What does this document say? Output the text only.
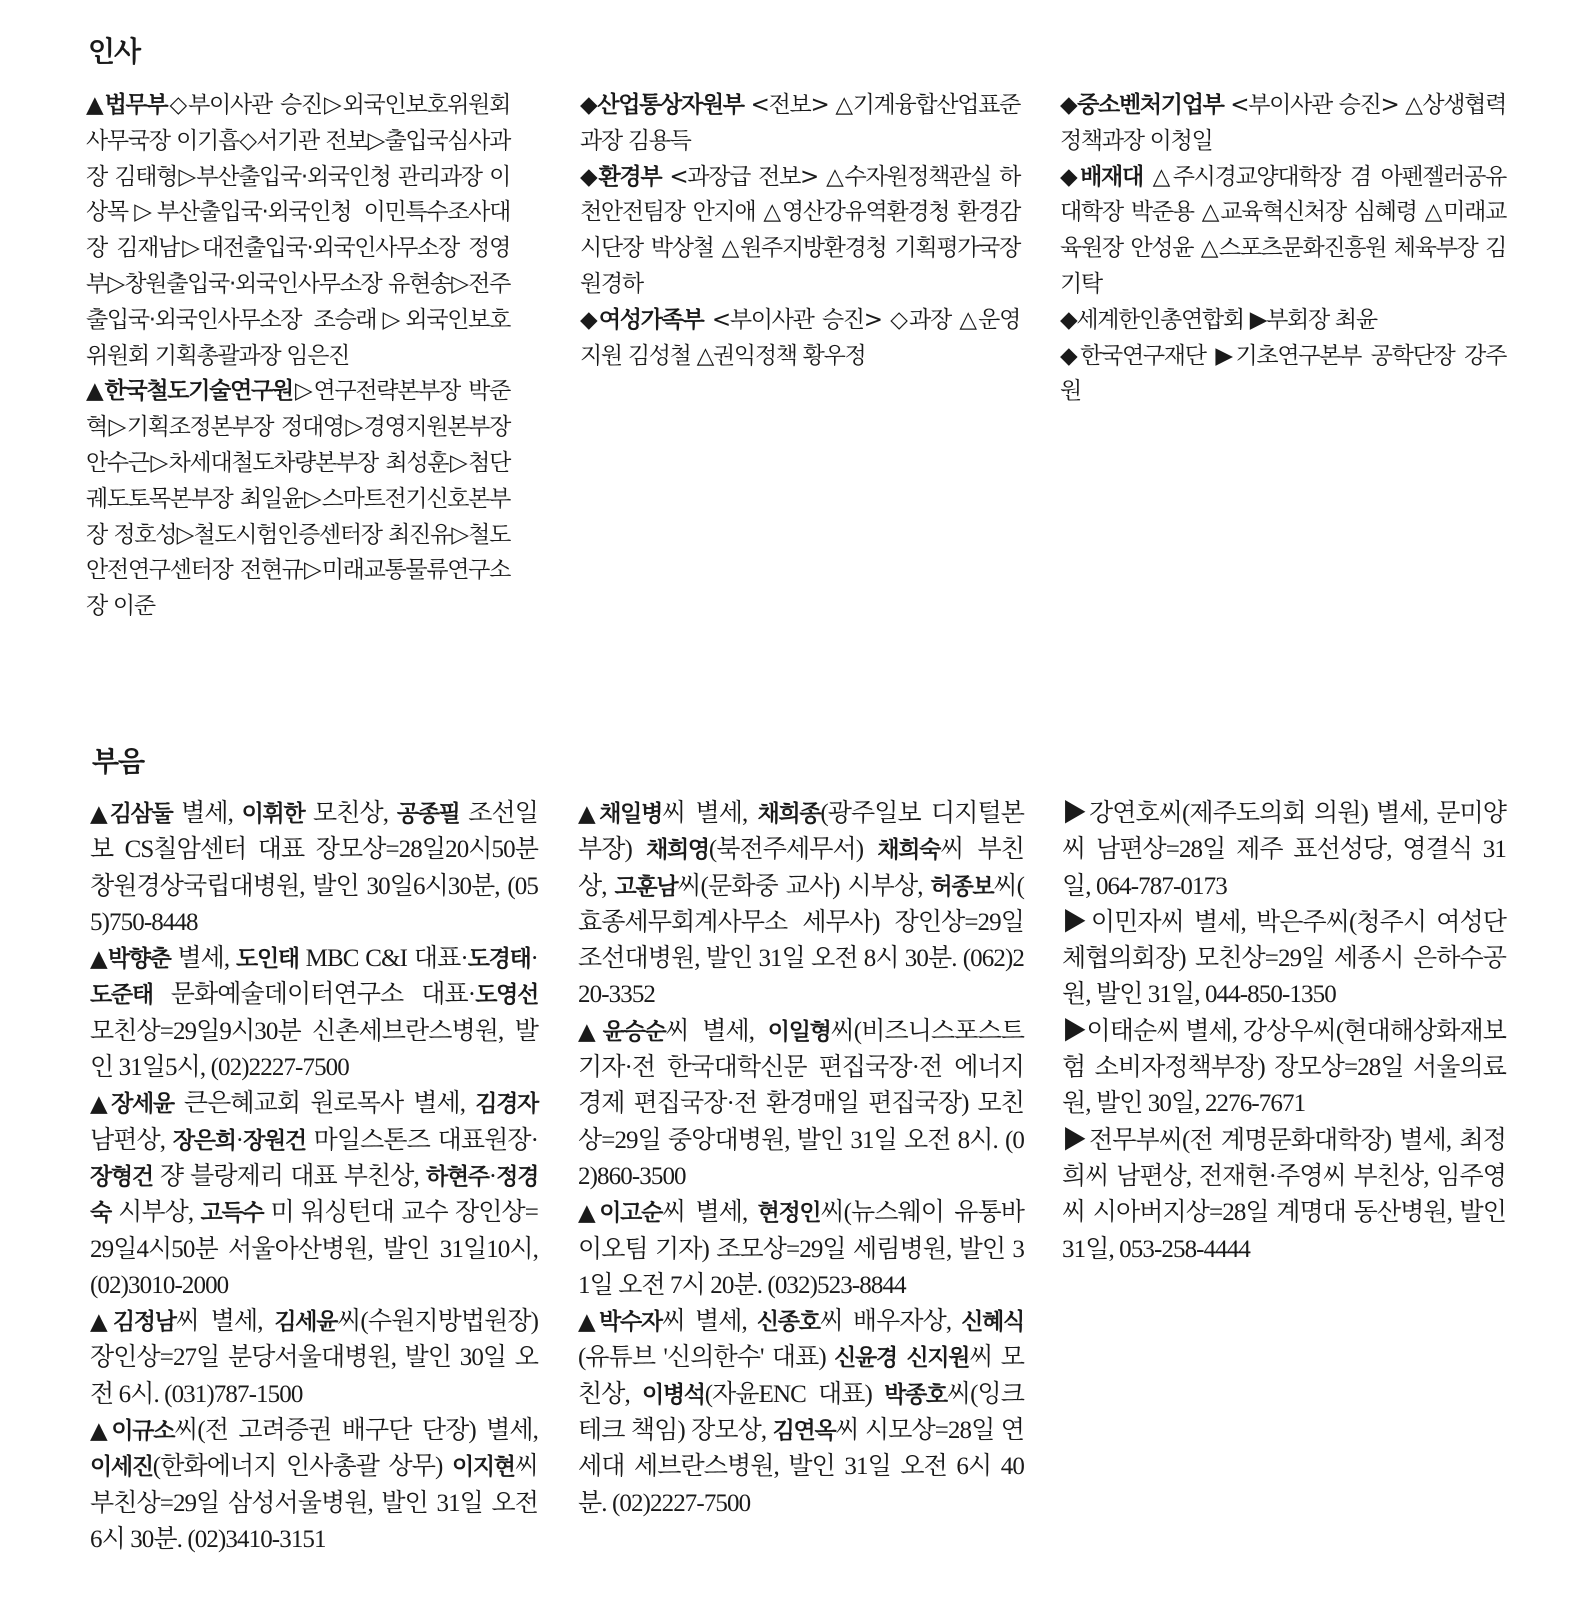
인사

▲법무부◇부이사관 승진▷외국인보호위원회 사무국장 이기흡◇서기관 전보▷출입국심사과장 김태형▷부산출입국·외국인청 관리과장 이상목▷부산출입국·외국인청 이민특수조사대장 김재남▷대전출입국·외국인사무소장 정영부▷창원출입국·외국인사무소장 유현송▷전주출입국·외국인사무소장 조승래▷외국인보호위원회 기획총괄과장 임은진

▲한국철도기술연구원▷연구전략본부장 박준혁▷기획조정본부장 정대영▷경영지원본부장 안수근▷차세대철도차량본부장 최성훈▷첨단궤도토목본부장 최일윤▷스마트전기신호본부장 정호성▷철도시험인증센터장 최진유▷철도안전연구센터장 전현규▷미래교통물류연구소장 이준

◆산업통상자원부 <전보> △기계융합산업표준과장 김용득

◆환경부 <과장급 전보> △수자원정책관실 하천안전팀장 안지애 △영산강유역환경청 환경감시단장 박상철 △원주지방환경청 기획평가국장 원경하

◆여성가족부 <부이사관 승진> ◇과장 △운영지원 김성철 △권익정책 황우정

◆중소벤처기업부 <부이사관 승진> △상생협력정책과장 이청일

◆배재대 △주시경교양대학장 겸 아펜젤러공유대학장 박준용 △교육혁신처장 심혜령 △미래교육원장 안성윤 △스포츠문화진흥원 체육부장 김기탁

◆세계한인총연합회 ▶부회장 최윤

◆한국연구재단 ▶기초연구본부 공학단장 강주원

부음

▲김삼둘 별세, 이휘한 모친상, 공종필 조선일보 CS칠암센터 대표 장모상=28일20시50분 창원경상국립대병원, 발인 30일6시30분, (055)750-8448

▲박향춘 별세, 도인태 MBC C&I 대표·도경태·도준태 문화예술데이터연구소 대표·도영선 모친상=29일9시30분 신촌세브란스병원, 발인 31일5시, (02)2227-7500

▲장세윤 큰은혜교회 원로목사 별세, 김경자 남편상, 장은희·장원건 마일스톤즈 대표원장·장형건 쟝 블랑제리 대표 부친상, 하현주·정경숙 시부상, 고득수 미 워싱턴대 교수 장인상=29일4시50분 서울아산병원, 발인 31일10시, (02)3010-2000

▲김정남씨 별세, 김세윤씨(수원지방법원장) 장인상=27일 분당서울대병원, 발인 30일 오전 6시. (031)787-1500

▲이규소씨(전 고려증권 배구단 단장) 별세, 이세진(한화에너지 인사총괄 상무) 이지현씨 부친상=29일 삼성서울병원, 발인 31일 오전 6시 30분. (02)3410-3151

▲채일병씨 별세, 채희종(광주일보 디지털본부장) 채희영(북전주세무서) 채희숙씨 부친상, 고훈남씨(문화중 교사) 시부상, 허종보씨( 효종세무회계사무소 세무사) 장인상=29일 조선대병원, 발인 31일 오전 8시 30분. (062)220-3352

▲윤승순씨 별세, 이일형씨(비즈니스포스트 기자·전 한국대학신문 편집국장·전 에너지경제 편집국장·전 환경매일 편집국장) 모친상=29일 중앙대병원, 발인 31일 오전 8시. (02)860-3500

▲이고순씨 별세, 현정인씨(뉴스웨이 유통바이오팀 기자) 조모상=29일 세림병원, 발인 31일 오전 7시 20분. (032)523-8844

▲박수자씨 별세, 신종호씨 배우자상, 신혜식(유튜브 '신의한수' 대표) 신윤경 신지원씨 모친상, 이병석(자윤ENC 대표) 박종호씨(잉크테크 책임) 장모상, 김연옥씨 시모상=28일 연세대 세브란스병원, 발인 31일 오전 6시 40분. (02)2227-7500

▶강연호씨(제주도의회 의원) 별세, 문미양씨 남편상=28일 제주 표선성당, 영결식 31일, 064-787-0173

▶이민자씨 별세, 박은주씨(청주시 여성단체협의회장) 모친상=29일 세종시 은하수공원, 발인 31일, 044-850-1350

▶이태순씨 별세, 강상우씨(현대해상화재보험 소비자정책부장) 장모상=28일 서울의료원, 발인 30일, 2276-7671

▶전무부씨(전 계명문화대학장) 별세, 최정희씨 남편상, 전재현·주영씨 부친상, 임주영씨 시아버지상=28일 계명대 동산병원, 발인 31일, 053-258-4444
